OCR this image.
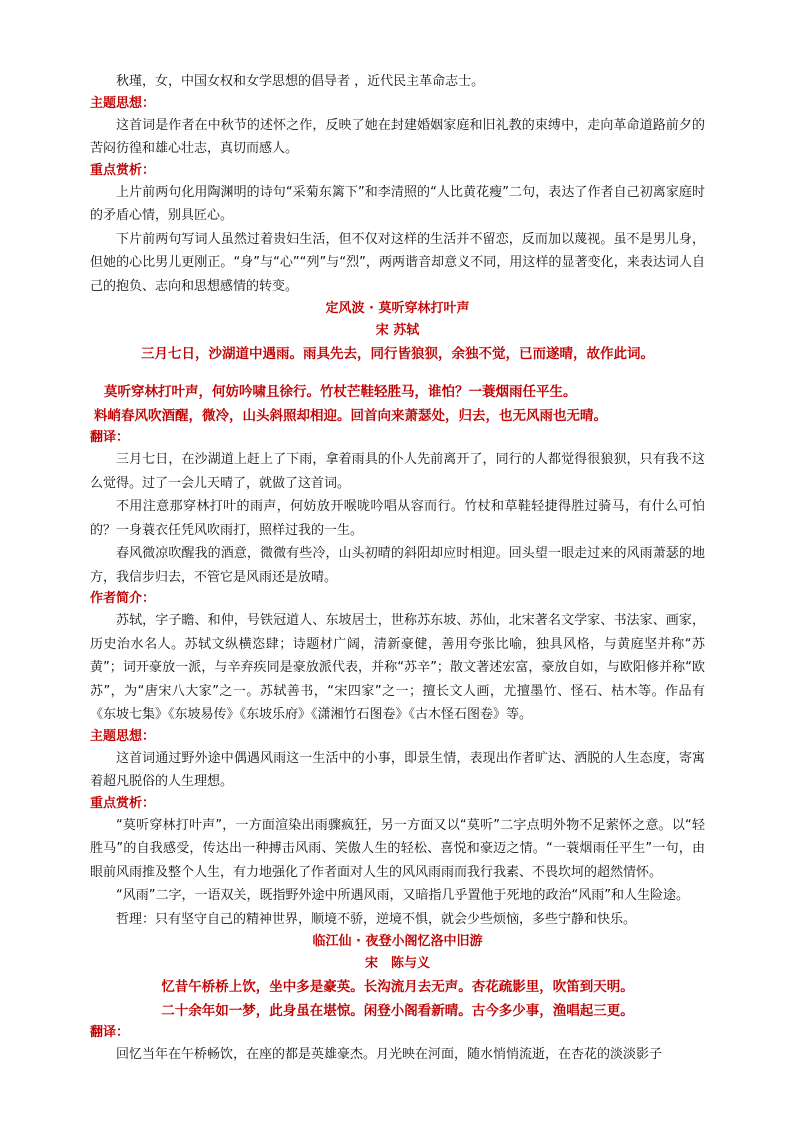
秋瑾，女，中国女权和女学思想的倡导者 ，近代民主革命志士。

主题思想：

这首词是作者在中秋节的述怀之作，反映了她在封建婚姻家庭和旧礼教的束缚中，走向革命道路前夕的苦闷彷徨和雄心壮志，真切而感人。

重点赏析：

上片前两句化用陶渊明的诗句“采菊东篱下”和李清照的“人比黄花瘦”二句，表达了作者自己初离家庭时的矛盾心情，别具匠心。

下片前两句写词人虽然过着贵妇生活，但不仅对这样的生活并不留恋，反而加以蔑视。虽不是男儿身，但她的心比男儿更刚正。“身”与“心”“列”与“烈”，两两谐音却意义不同，用这样的显著变化，来表达词人自己的抱负、志向和思想感情的转变。

定风波 · 莫听穿林打叶声

宋 苏轼

三月七日，沙湖道中遇雨。雨具先去，同行皆狼狈，余独不觉，已而遂晴，故作此词。

莫听穿林打叶声，何妨吟啸且徐行。竹杖芒鞋轻胜马，谁怕？一蓑烟雨任平生。

料峭春风吹酒醒，微冷，山头斜照却相迎。回首向来萧瑟处，归去，也无风雨也无晴。

翻译：

三月七日，在沙湖道上赶上了下雨，拿着雨具的仆人先前离开了，同行的人都觉得很狼狈，只有我不这么觉得。过了一会儿天晴了，就做了这首词。

不用注意那穿林打叶的雨声，何妨放开喉咙吟唱从容而行。竹杖和草鞋轻捷得胜过骑马，有什么可怕的？一身蓑衣任凭风吹雨打，照样过我的一生。

春风微凉吹醒我的酒意，微微有些冷，山头初晴的斜阳却应时相迎。回头望一眼走过来的风雨萧瑟的地方，我信步归去，不管它是风雨还是放晴。

作者简介：

苏轼，字子瞻、和仲，号铁冠道人、东坡居士，世称苏东坡、苏仙，北宋著名文学家、书法家、画家，历史治水名人。苏轼文纵横恣肆；诗题材广阔，清新豪健，善用夸张比喻，独具风格，与黄庭坚并称“苏黄”；词开豪放一派，与辛弃疾同是豪放派代表，并称“苏辛”；散文著述宏富，豪放自如，与欧阳修并称“欧苏”，为“唐宋八大家”之一。苏轼善书，“宋四家”之一；擅长文人画，尤擅墨竹、怪石、枯木等。作品有《东坡七集》《东坡易传》《东坡乐府》《潇湘竹石图卷》《古木怪石图卷》等。

主题思想：

这首词通过野外途中偶遇风雨这一生活中的小事，即景生情，表现出作者旷达、洒脱的人生态度，寄寓着超凡脱俗的人生理想。

重点赏析：

“莫听穿林打叶声”，一方面渲染出雨骤疯狂，另一方面又以“莫听”二字点明外物不足萦怀之意。以“轻胜马”的自我感受，传达出一种搏击风雨、笑傲人生的轻松、喜悦和豪迈之情。“一蓑烟雨任平生”一句，由眼前风雨推及整个人生，有力地强化了作者面对人生的风风雨雨而我行我素、不畏坎坷的超然情怀。

“风雨”二字，一语双关，既指野外途中所遇风雨，又暗指几乎置他于死地的政治“风雨”和人生险途。

哲理：只有坚守自己的精神世界，顺境不骄，逆境不惧，就会少些烦恼，多些宁静和快乐。

临江仙 · 夜登小阁忆洛中旧游

宋　陈与义

忆昔午桥桥上饮，坐中多是豪英。长沟流月去无声。杏花疏影里，吹笛到天明。

二十余年如一梦，此身虽在堪惊。闲登小阁看新晴。古今多少事，渔唱起三更。

翻译：

回忆当年在午桥畅饮，在座的都是英雄豪杰。月光映在河面，随水悄悄流逝，在杏花的淡淡影子
